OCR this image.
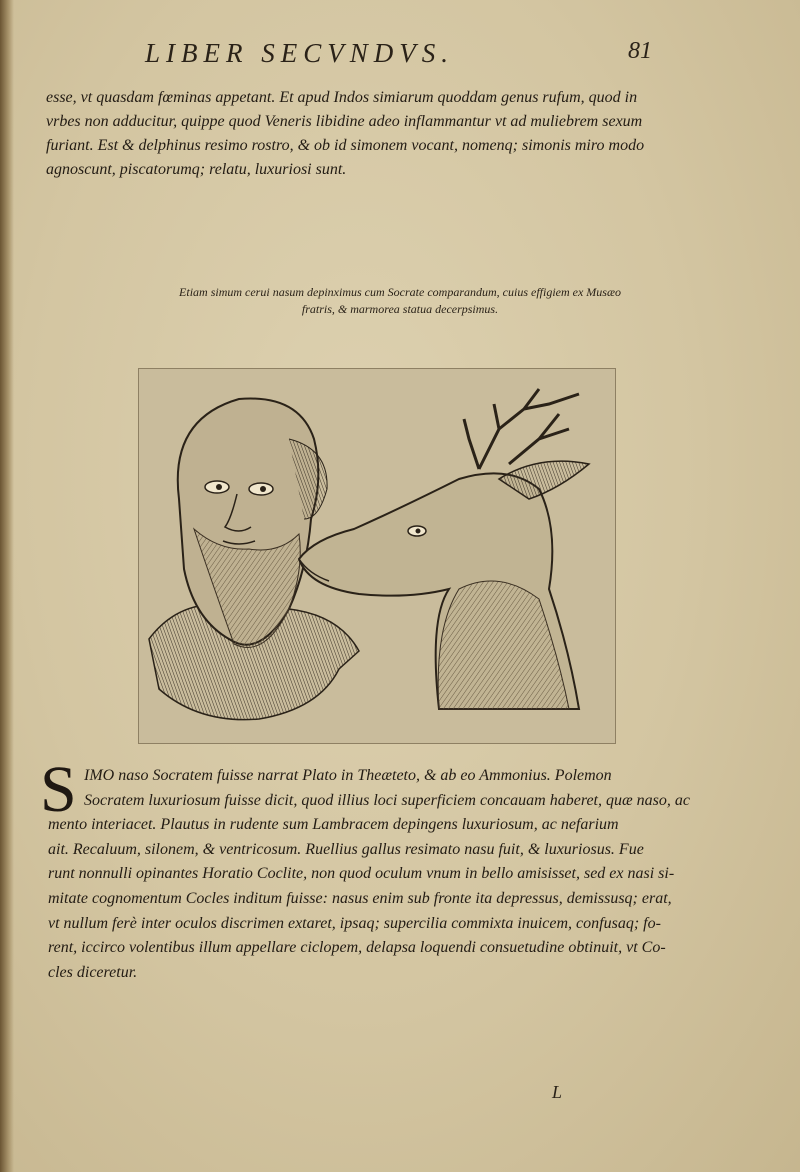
LIBER SECVNDVS.	81
esse, vt quasdam fœminas appetant. Et apud Indos simiarum quoddam genus rufum, quod in
vrbes non adducitur, quippe quod Veneris libidine adeo inflammantur vt ad muliebrem sexum
furiant. Est & delphinus resimo rostro, & ob id simonem vocant, nomenq; simonis miro modo
agnoscunt, piscatorumq; relatu, luxuriosi sunt.
Etiam simum cerui nasum depinximus cum Socrate comparandum, cuius effigiem ex Musæo
fratris, & marmorea statua decerpsimus.
S IMO naso Socratem fuisse narrat Plato in Theæteto, & ab eo Ammonius. Polemon
Socratem luxuriosum fuisse dicit, quod illius loci superficiem concauam haberet, quæ naso, ac
mento interiacet. Plautus in rudente sum Lambracem depingens luxuriosum, ac nefarium
ait. Recaluum, silonem, & ventricosum. Ruellius gallus resimato nasu fuit, & luxuriosus. Fue
runt nonnulli opinantes Horatio Coclite, non quod oculum vnum in bello amisisset, sed ex nasi si-
mitate cognomentum Cocles inditum fuisse: nasus enim sub fronte ita depressus, demissusq; erat,
vt nullum ferè inter oculos discrimen extaret, ipsaq; supercilia commixta inuicem, confusaq; fo-
rent, iccirco volentibus illum appellare ciclopem, delapsa loquendi consuetudine obtinuit, vt Co-
cles diceretur.
L
